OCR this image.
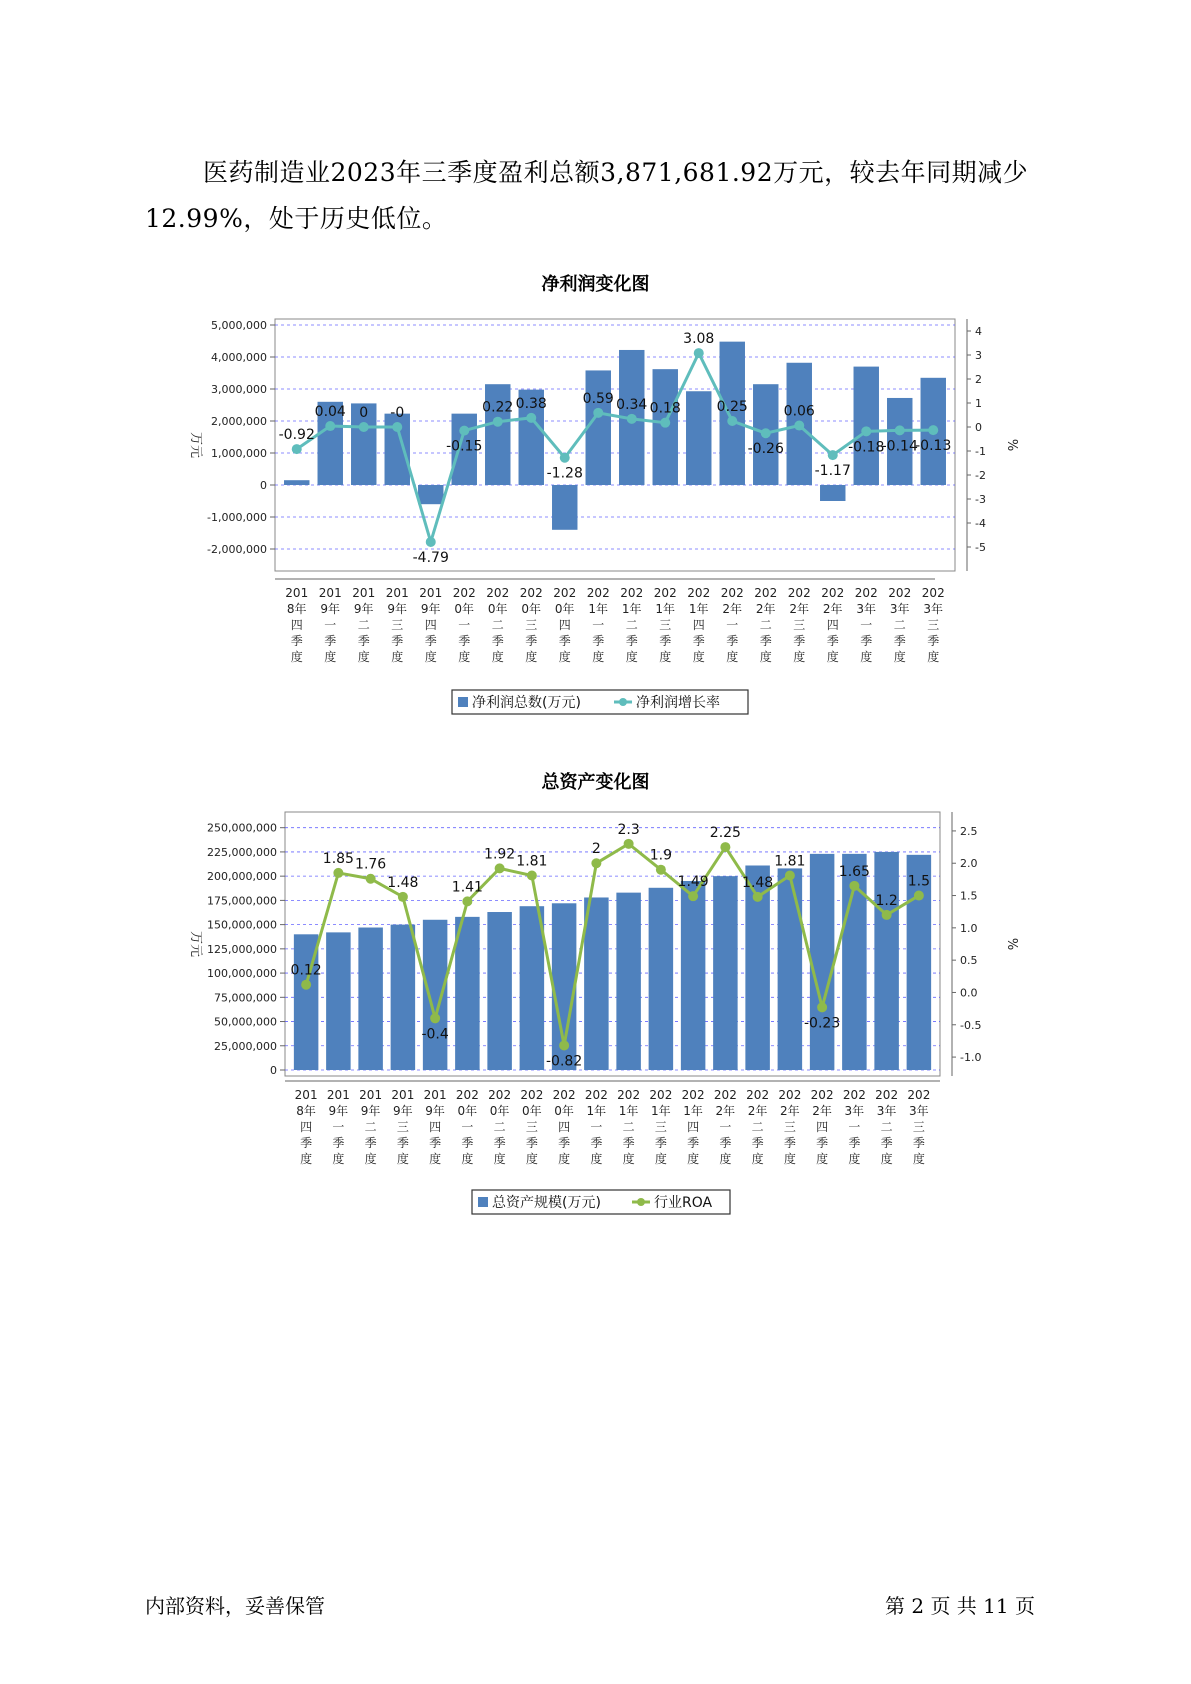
医药制造业2023年三季度盈利总额3,871,681.92万元，较去年同期减少12.99%，处于历史低位。

净利润变化图
5,000,000
4,000,000
3,000,000
2,000,000
1,000,000
0
-1,000,000
-2,000,000
4
3
2
1
0
-1
-2
-3
-4
-5
万元	%
201 8年四季度
201 9年一季度
201 9年二季度
201 9年三季度
201 9年四季度
202 0年一季度
202 0年二季度
202 0年三季度
202 0年四季度
202 1年一季度
202 1年二季度
202 1年三季度
202 1年四季度
202 2年一季度
202 2年二季度
202 2年三季度
202 2年四季度
202 3年一季度
202 3年二季度
202 3年三季度
-0.92
0.04 0 -0
-4.79
-0.15
0.22 0.38
-1.28
0.59 0.34 0.18
3.08
0.25
-0.26
0.06
-1.17
-0.18
-0.14
-0.13
净利润总数(万元)	净利润增长率
总资产变化图
250,000,000
225,000,000
200,000,000
175,000,000
150,000,000
125,000,000
100,000,000
75,000,000
50,000,000
25,000,000
0
2.5
2.0
1.5
1.0
0.5
0.0
-0.5
-1.0
万元	%
201 8年四季度
201 9年一季度
201 9年二季度
201 9年三季度
201 9年四季度
202 0年一季度
202 0年二季度
202 0年三季度
202 0年四季度
202 1年一季度
202 1年二季度
202 1年三季度
202 1年四季度
202 2年一季度
202 2年二季度
202 2年三季度
202 2年四季度
202 3年一季度
202 3年二季度
202 3年三季度
0.12
1.85 1.76
1.48
-0.4
1.41
1.92 1.81
-0.82
2
2.3
1.9
1.49
2.25
1.48
1.81
-0.23
1.65
1.2
1.5
总资产规模(万元)	行业ROA
内部资料，妥善保管	第 2 页 共 11 页
